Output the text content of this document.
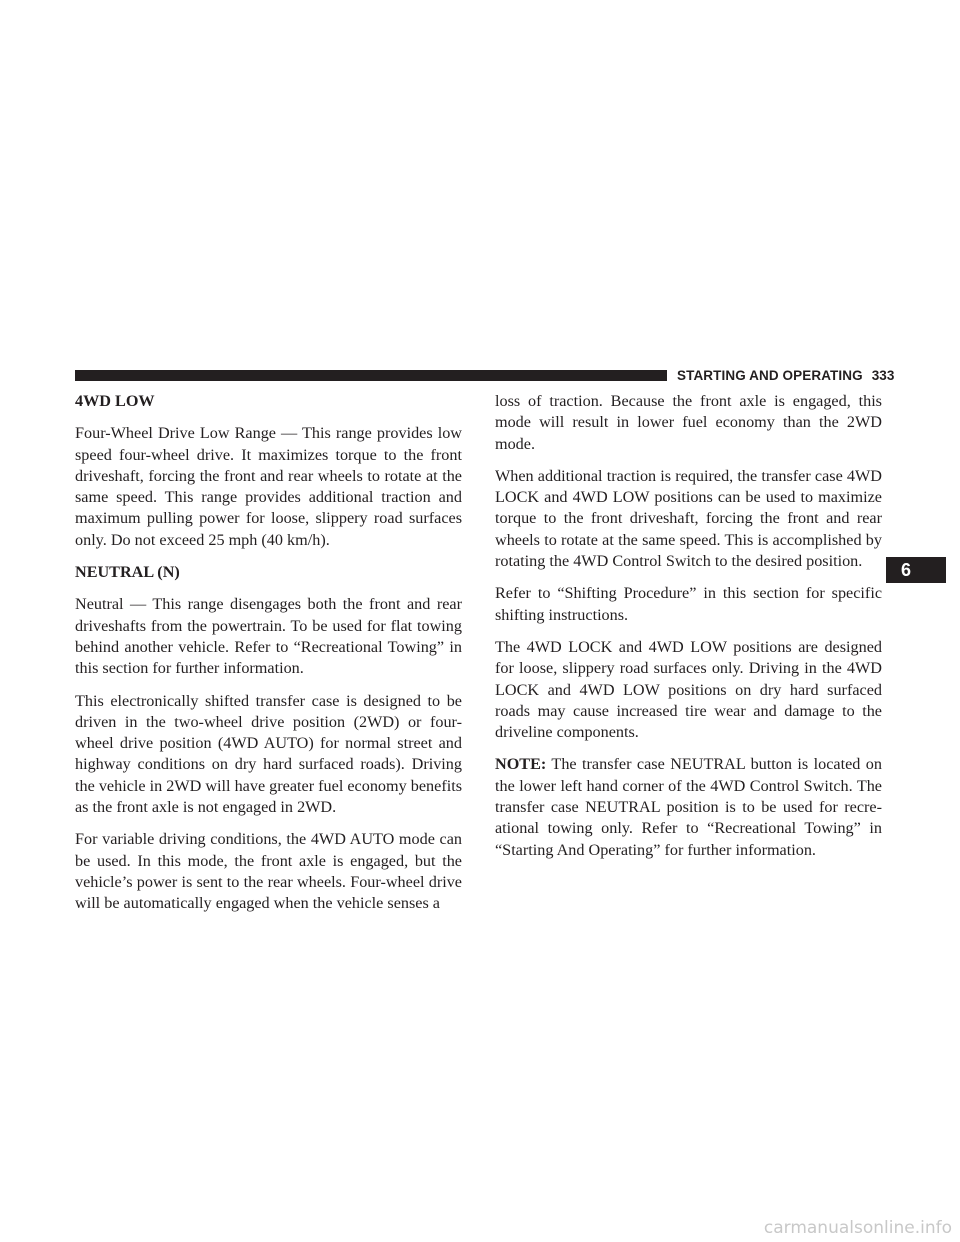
STARTING AND OPERATING 333
4WD LOW

Four-Wheel Drive Low Range — This range provides low speed four-wheel drive. It maximizes torque to the front driveshaft, forcing the front and rear wheels to rotate at the same speed. This range provides additional traction and maximum pulling power for loose, slippery road surfaces only. Do not exceed 25 mph (40 km/h).

NEUTRAL (N)

Neutral — This range disengages both the front and rear driveshafts from the powertrain. To be used for flat towing behind another vehicle. Refer to “Recreational Towing” in this section for further information.

This electronically shifted transfer case is designed to be driven in the two-wheel drive position (2WD) or four-wheel drive position (4WD AUTO) for normal street and highway conditions on dry hard surfaced roads). Driving the vehicle in 2WD will have greater fuel economy benefits as the front axle is not engaged in 2WD.

For variable driving conditions, the 4WD AUTO mode can be used. In this mode, the front axle is engaged, but the vehicle’s power is sent to the rear wheels. Four-wheel drive will be automatically engaged when the vehicle senses a

loss of traction. Because the front axle is engaged, this mode will result in lower fuel economy than the 2WD mode.

When additional traction is required, the transfer case 4WD LOCK and 4WD LOW positions can be used to maximize torque to the front driveshaft, forcing the front and rear wheels to rotate at the same speed. This is accomplished by rotating the 4WD Control Switch to the desired position.

Refer to “Shifting Procedure” in this section for specific shifting instructions.

The 4WD LOCK and 4WD LOW positions are designed for loose, slippery road surfaces only. Driving in the 4WD LOCK and 4WD LOW positions on dry hard surfaced roads may cause increased tire wear and damage to the driveline components.

NOTE: The transfer case NEUTRAL button is located on the lower left hand corner of the 4WD Control Switch. The transfer case NEUTRAL position is to be used for recre-ational towing only. Refer to “Recreational Towing” in “Starting And Operating” for further information.

6
carmanualsonline.info
